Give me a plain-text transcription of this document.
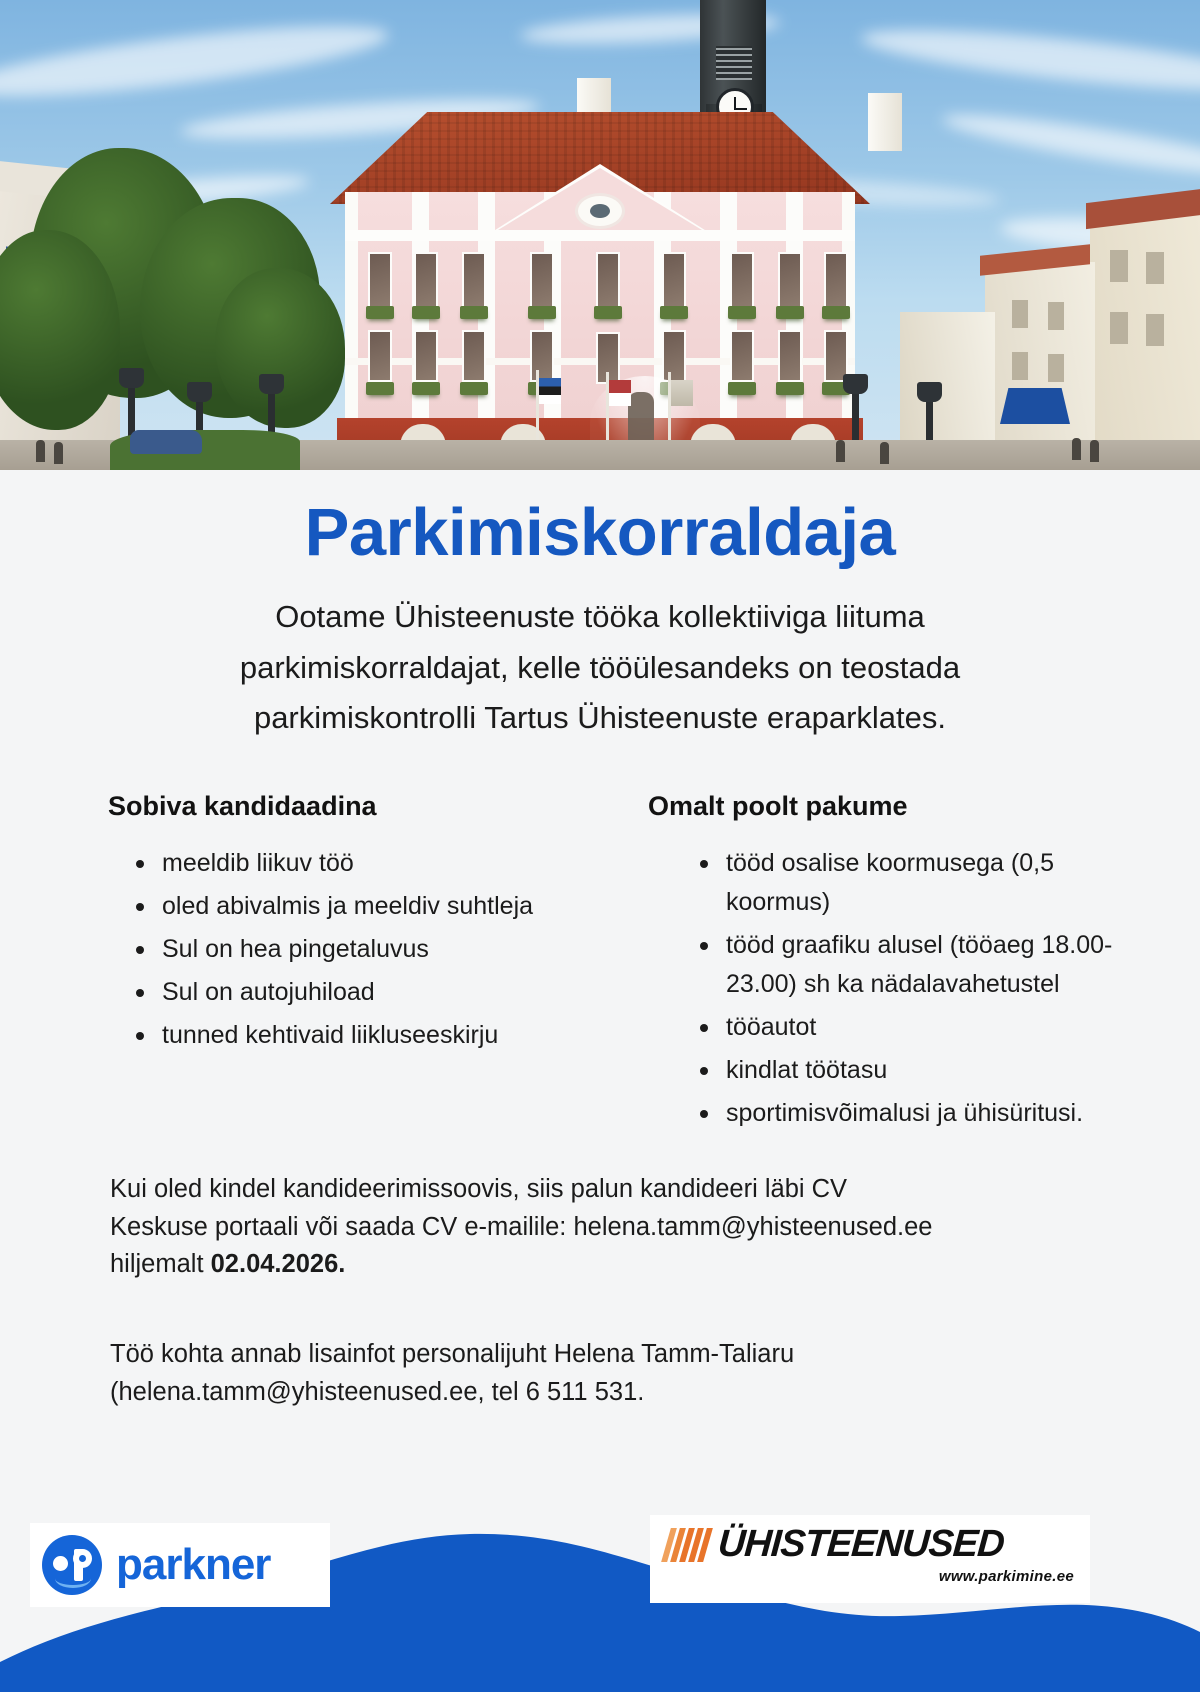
Parkimiskorraldaja

Ootame Ühisteenuste tööka kollektiiviga liituma parkimiskorraldajat, kelle tööülesandeks on teostada parkimiskontrolli Tartus Ühisteenuste eraparklates.

Sobiva kandidaadina
meeldib liikuv töö
oled abivalmis ja meeldiv suhtleja
Sul on hea pingetaluvus
Sul on autojuhiload
tunned kehtivaid liikluseeskirju
Omalt poolt pakume
tööd osalise koormusega (0,5 koormus)
tööd graafiku alusel (tööaeg 18.00-23.00) sh ka nädalavahetustel
tööautot
kindlat töötasu
sportimisvõimalusi ja ühisüritusi.

Kui oled kindel kandideerimissoovis, siis palun kandideeri läbi CV
Keskuse portaali või saada CV e-mailile: helena.tamm@yhisteenused.ee
hiljemalt 02.04.2026.

Töö kohta annab lisainfot personalijuht Helena Tamm-Taliaru
(helena.tamm@yhisteenused.ee, tel 6 511 531.

parkner	ÜHISTEENUSED
www.parkimine.ee
